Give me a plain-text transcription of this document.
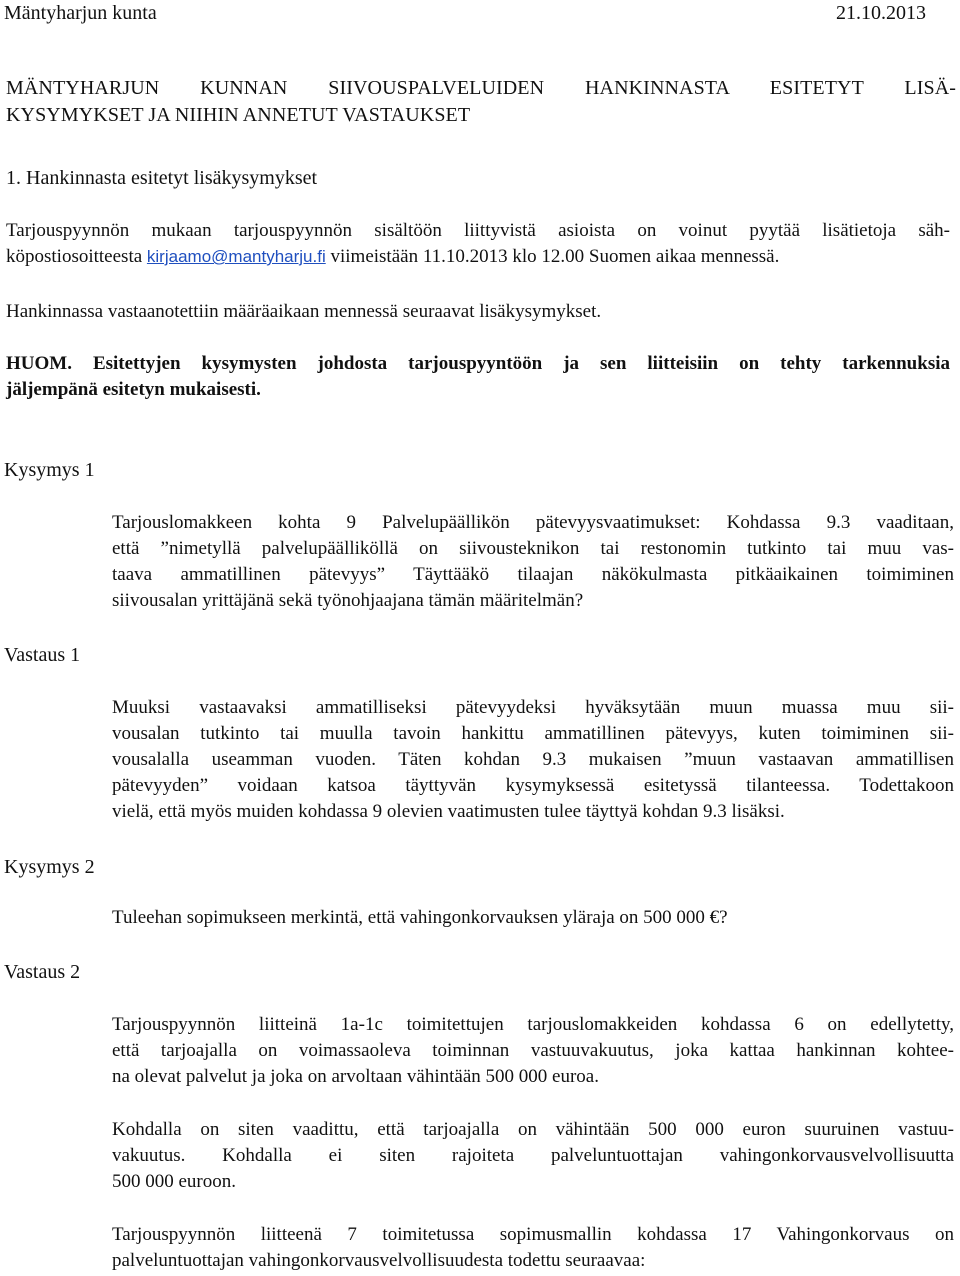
Mäntyharjun kunta	21.10.2013
MÄNTYHARJUN KUNNAN SIIVOUSPALVELUIDEN HANKINNASTA ESITETYT LISÄ-
KYSYMYKSET JA NIIHIN ANNETUT VASTAUKSET
1. Hankinnasta esitetyt lisäkysymykset
Tarjouspyynnön mukaan tarjouspyynnön sisältöön liittyvistä asioista on voinut pyytää lisätietoja säh-
köpostiosoitteesta kirjaamo@mantyharju.fi viimeistään 11.10.2013 klo 12.00 Suomen aikaa mennessä.
Hankinnassa vastaanotettiin määräaikaan mennessä seuraavat lisäkysymykset.
HUOM. Esitettyjen kysymysten johdosta tarjouspyyntöön ja sen liitteisiin on tehty tarkennuksia
jäljempänä esitetyn mukaisesti.
Kysymys 1
Tarjouslomakkeen kohta 9 Palvelupäällikön pätevyysvaatimukset: Kohdassa 9.3 vaaditaan,
että ”nimetyllä palvelupäälliköllä on siivousteknikon tai restonomin tutkinto tai muu vas-
taava ammatillinen pätevyys” Täyttääkö tilaajan näkökulmasta pitkäaikainen toimiminen
siivousalan yrittäjänä sekä työnohjaajana tämän määritelmän?
Vastaus 1
Muuksi vastaavaksi ammatilliseksi pätevyydeksi hyväksytään muun muassa muu sii-
vousalan tutkinto tai muulla tavoin hankittu ammatillinen pätevyys, kuten toimiminen sii-
vousalalla useamman vuoden. Täten kohdan 9.3 mukaisen ”muun vastaavan ammatillisen
pätevyyden” voidaan katsoa täyttyvän kysymyksessä esitetyssä tilanteessa. Todettakoon
vielä, että myös muiden kohdassa 9 olevien vaatimusten tulee täyttyä kohdan 9.3 lisäksi.
Kysymys 2
Tuleehan sopimukseen merkintä, että vahingonkorvauksen yläraja on 500 000 €?
Vastaus 2
Tarjouspyynnön liitteinä 1a-1c toimitettujen tarjouslomakkeiden kohdassa 6 on edellytetty,
että tarjoajalla on voimassaoleva toiminnan vastuuvakuutus, joka kattaa hankinnan kohtee-
na olevat palvelut ja joka on arvoltaan vähintään 500 000 euroa.
Kohdalla on siten vaadittu, että tarjoajalla on vähintään 500 000 euron suuruinen vastuu-
vakuutus. Kohdalla ei siten rajoiteta palveluntuottajan vahingonkorvausvelvollisuutta
500 000 euroon.
Tarjouspyynnön liitteenä 7 toimitetussa sopimusmallin kohdassa 17 Vahingonkorvaus on
palveluntuottajan vahingonkorvausvelvollisuudesta todettu seuraavaa:
